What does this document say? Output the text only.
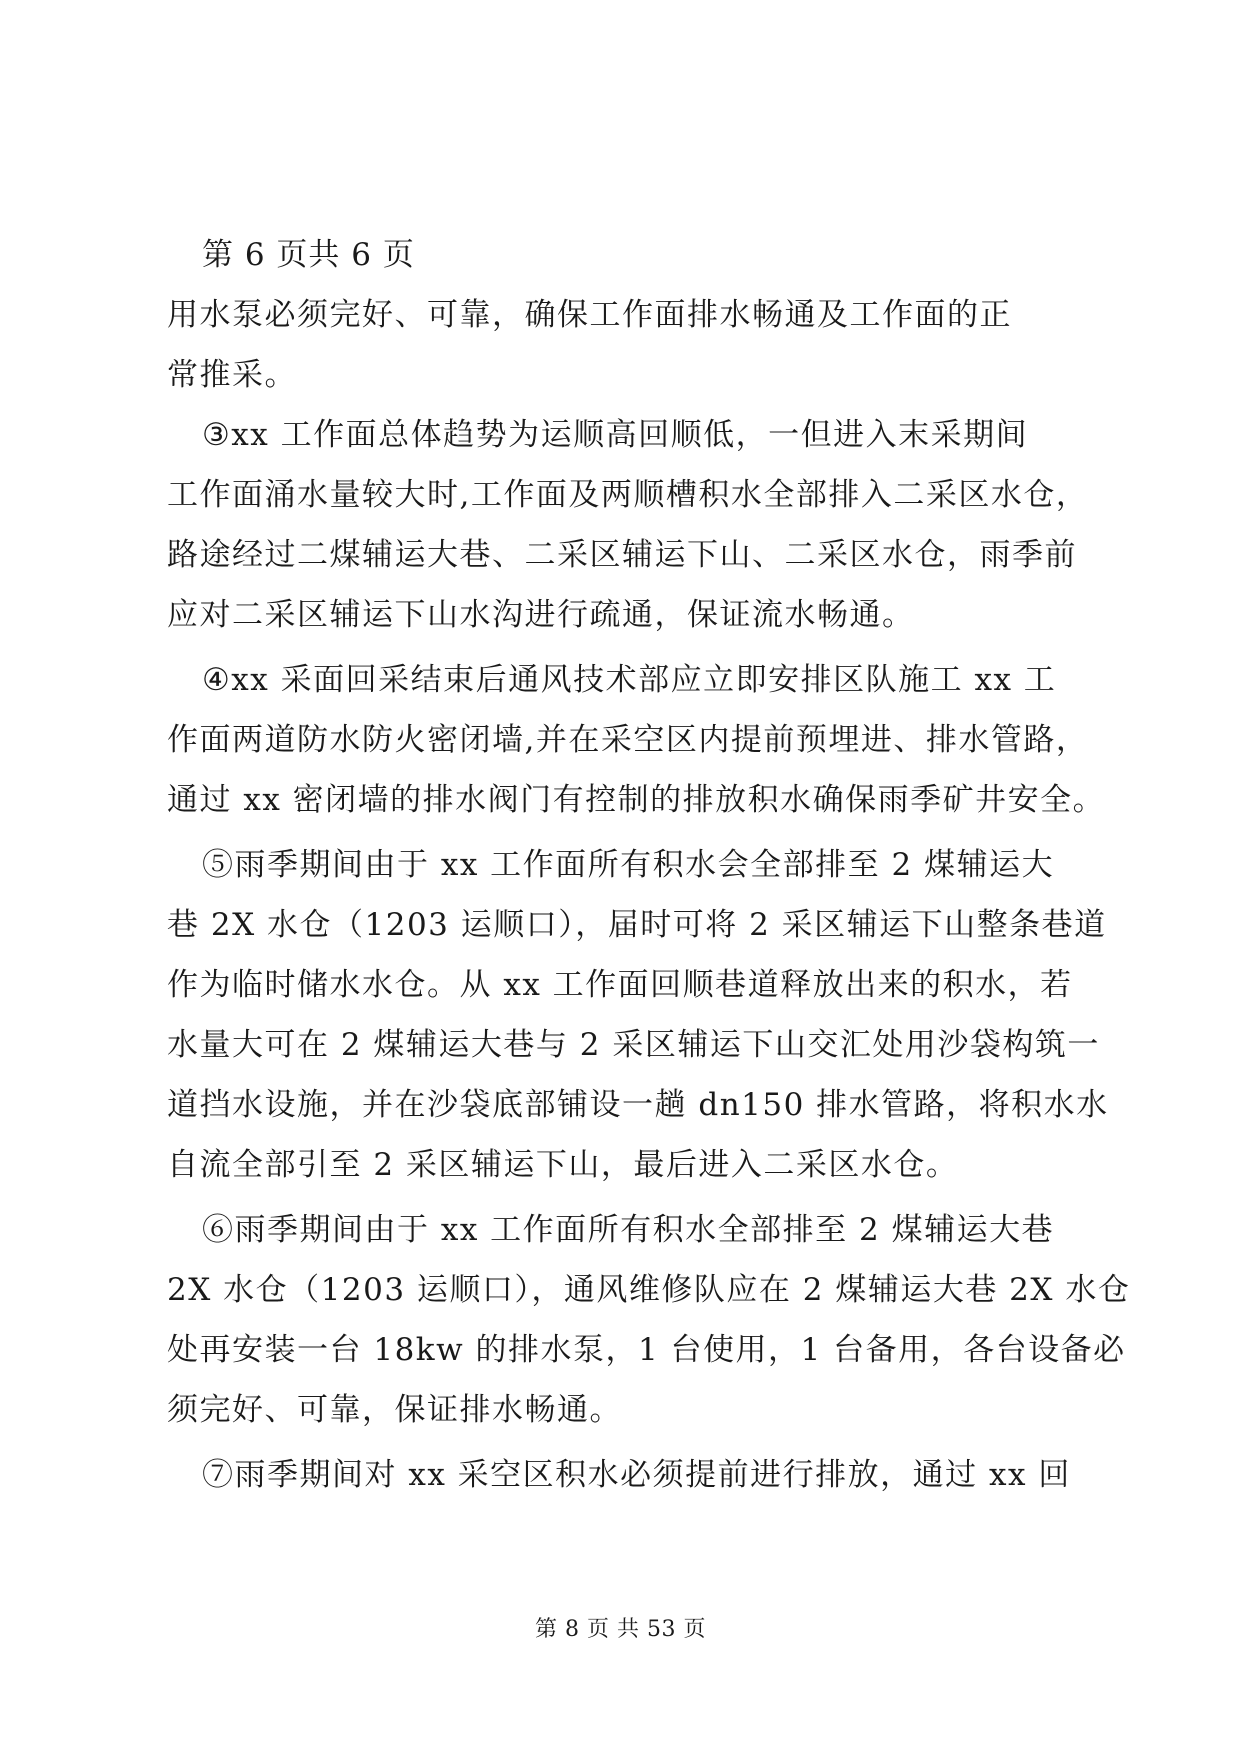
第 6 页共 6 页
用水泵必须完好、可靠，确保工作面排水畅通及工作面的正
常推采。
③xx 工作面总体趋势为运顺高回顺低，一但进入末采期间
工作面涌水量较大时,工作面及两顺槽积水全部排入二采区水仓，
路途经过二煤辅运大巷、二采区辅运下山、二采区水仓，雨季前
应对二采区辅运下山水沟进行疏通，保证流水畅通。
④xx 采面回采结束后通风技术部应立即安排区队施工 xx 工
作面两道防水防火密闭墙,并在采空区内提前预埋进、排水管路，
通过 xx 密闭墙的排水阀门有控制的排放积水确保雨季矿井安全。
⑤雨季期间由于 xx 工作面所有积水会全部排至 2 煤辅运大
巷 2X 水仓（1203 运顺口），届时可将 2 采区辅运下山整条巷道
作为临时储水水仓。从 xx 工作面回顺巷道释放出来的积水，若
水量大可在 2 煤辅运大巷与 2 采区辅运下山交汇处用沙袋构筑一
道挡水设施，并在沙袋底部铺设一趟 dn150 排水管路，将积水水
自流全部引至 2 采区辅运下山，最后进入二采区水仓。
⑥雨季期间由于 xx 工作面所有积水全部排至 2 煤辅运大巷
2X 水仓（1203 运顺口），通风维修队应在 2 煤辅运大巷 2X 水仓
处再安装一台 18kw 的排水泵，1 台使用，1 台备用，各台设备必
须完好、可靠，保证排水畅通。
⑦雨季期间对 xx 采空区积水必须提前进行排放，通过 xx 回
第 8 页 共 53 页
